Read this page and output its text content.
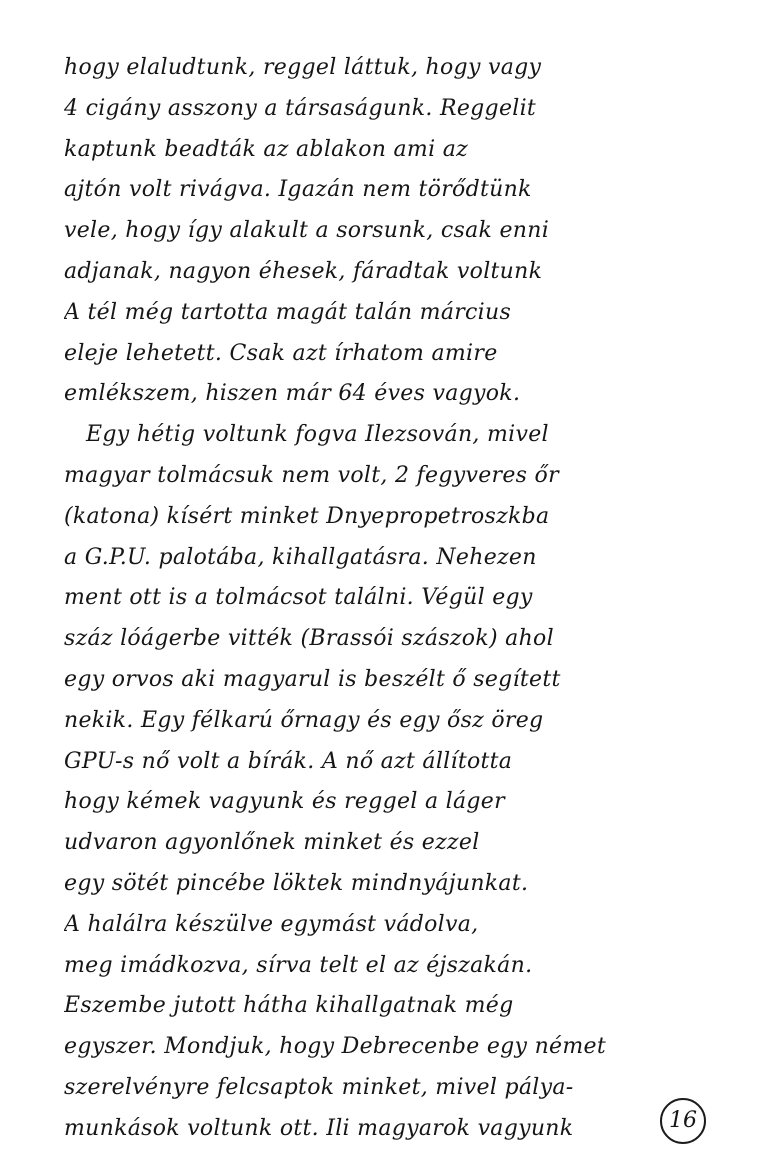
hogy elaludtunk, reggel láttuk, hogy vagy
4 cigány asszony a társaságunk. Reggelit
kaptunk beadták az ablakon ami az
ajtón volt rivágva. Igazán nem törődtünk
vele, hogy így alakult a sorsunk, csak enni
adjanak, nagyon éhesek, fáradtak voltunk
A tél még tartotta magát talán március
eleje lehetett. Csak azt írhatom amire
emlékszem, hiszen már 64 éves vagyok.
Egy hétig voltunk fogva Ilezsován, mivel
magyar tolmácsuk nem volt, 2 fegyveres őr
(katona) kísért minket Dnyepropetroszkba
a G.P.U. palotába, kihallgatásra. Nehezen
ment ott is a tolmácsot találni. Végül egy
száz lóágerbe vitték (Brassói szászok) ahol
egy orvos aki magyarul is beszélt ő segített
nekik. Egy félkarú őrnagy és egy ősz öreg
GPU-s nő volt a bírák. A nő azt állította
hogy kémek vagyunk és reggel a láger
udvaron agyonlőnek minket és ezzel
egy sötét pincébe löktek mindnyájunkat.
A halálra készülve egymást vádolva,
meg imádkozva, sírva telt el az éjszakán.
Eszembe jutott hátha kihallgatnak még
egyszer. Mondjuk, hogy Debrecenbe egy német
szerelvényre felcsaptok minket, mivel pálya-
munkások voltunk ott. Ili magyarok vagyunk	16
